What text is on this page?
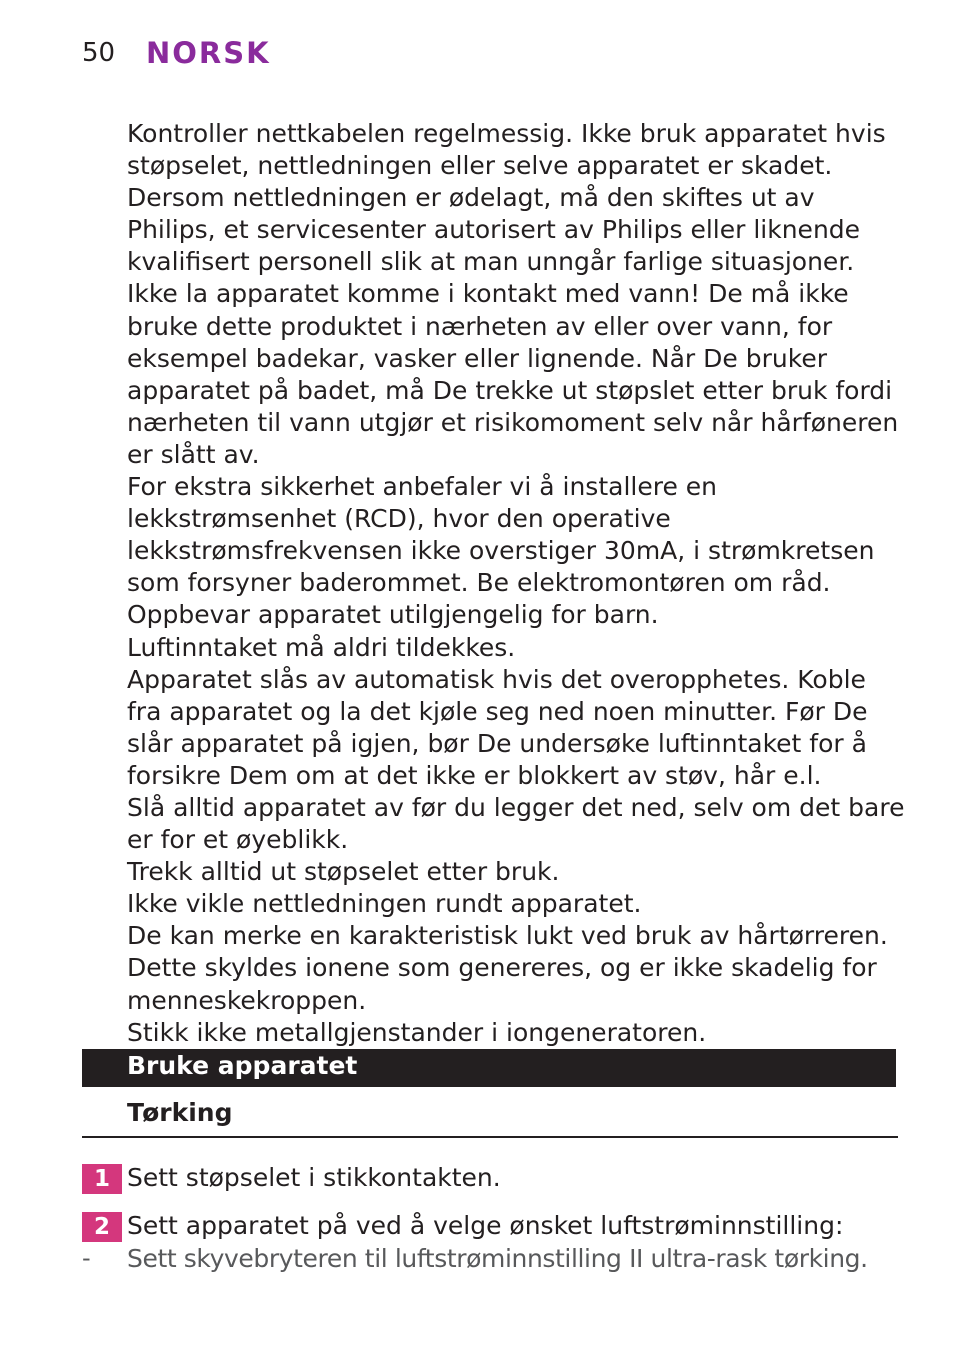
50 NORSK

Kontroller nettkabelen regelmessig. Ikke bruk apparatet hvis støpselet, nettledningen eller selve apparatet er skadet.

Dersom nettledningen er ødelagt, må den skiftes ut av Philips, et servicesenter autorisert av Philips eller liknende kvalifisert personell slik at man unngår farlige situasjoner.

Ikke la apparatet komme i kontakt med vann! De må ikke bruke dette produktet i nærheten av eller over vann, for eksempel badekar, vasker eller lignende. Når De bruker apparatet på badet, må De trekke ut støpslet etter bruk fordi nærheten til vann utgjør et risikomoment selv når hårføneren er slått av.

For ekstra sikkerhet anbefaler vi å installere en lekkstrømsenhet (RCD), hvor den operative lekkstrømsfrekvensen ikke overstiger 30mA, i strømkretsen som forsyner baderommet. Be elektromontøren om råd.

Oppbevar apparatet utilgjengelig for barn.

Luftinntaket må aldri tildekkes.

Apparatet slås av automatisk hvis det overopphetes. Koble fra apparatet og la det kjøle seg ned noen minutter. Før De slår apparatet på igjen, bør De undersøke luftinntaket for å forsikre Dem om at det ikke er blokkert av støv, hår e.l.

Slå alltid apparatet av før du legger det ned, selv om det bare er for et øyeblikk.

Trekk alltid ut støpselet etter bruk.

Ikke vikle nettledningen rundt apparatet.

De kan merke en karakteristisk lukt ved bruk av hårtørreren. Dette skyldes ionene som genereres, og er ikke skadelig for menneskekroppen.

Stikk ikke metallgjenstander i iongeneratoren.

Bruke apparatet
Tørking
1 Sett støpselet i stikkontakten.
2 Sett apparatet på ved å velge ønsket luftstrøminnstilling:
- Sett skyvebryteren til luftstrøminnstilling II ultra-rask tørking.
